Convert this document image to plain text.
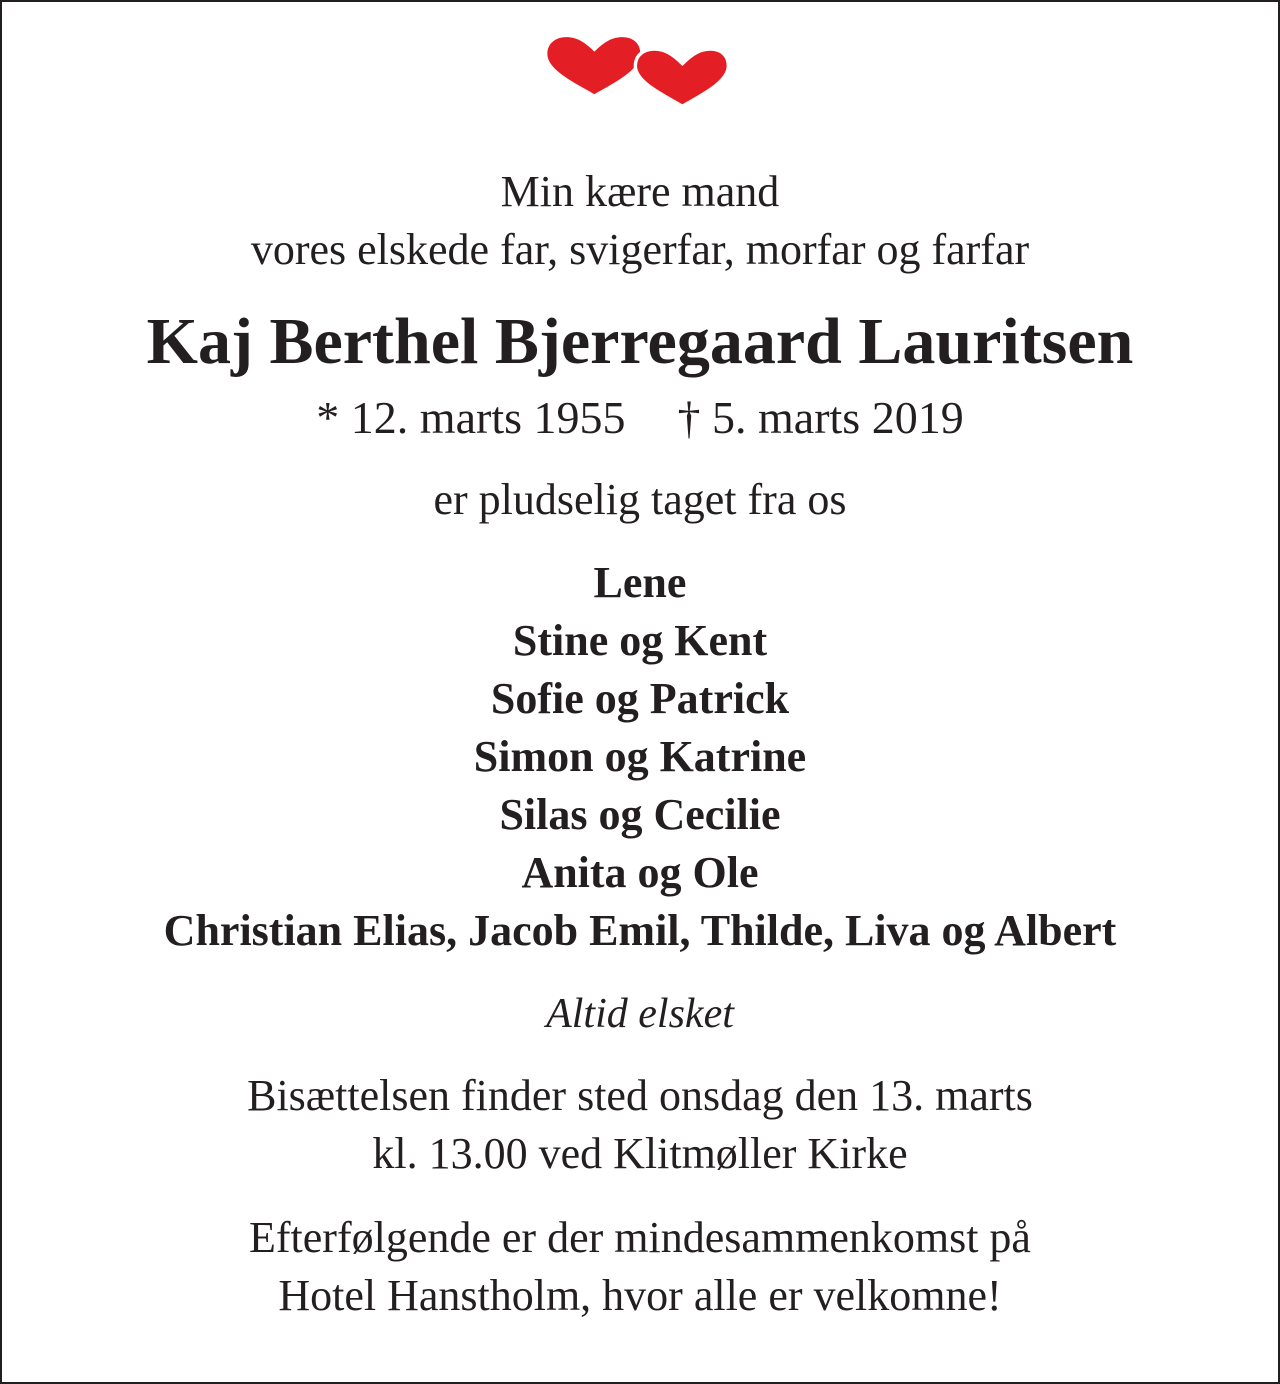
Min kære mand
vores elskede far, svigerfar, morfar og farfar
Kaj Berthel Bjerregaard Lauritsen
* 12. marts 1955 † 5. marts 2019
er pludselig taget fra os
Lene
Stine og Kent
Sofie og Patrick
Simon og Katrine
Silas og Cecilie
Anita og Ole
Christian Elias, Jacob Emil, Thilde, Liva og Albert
Altid elsket
Bisættelsen finder sted onsdag den 13. marts
kl. 13.00 ved Klitmøller Kirke
Efterfølgende er der mindesammenkomst på
Hotel Hanstholm, hvor alle er velkomne!
